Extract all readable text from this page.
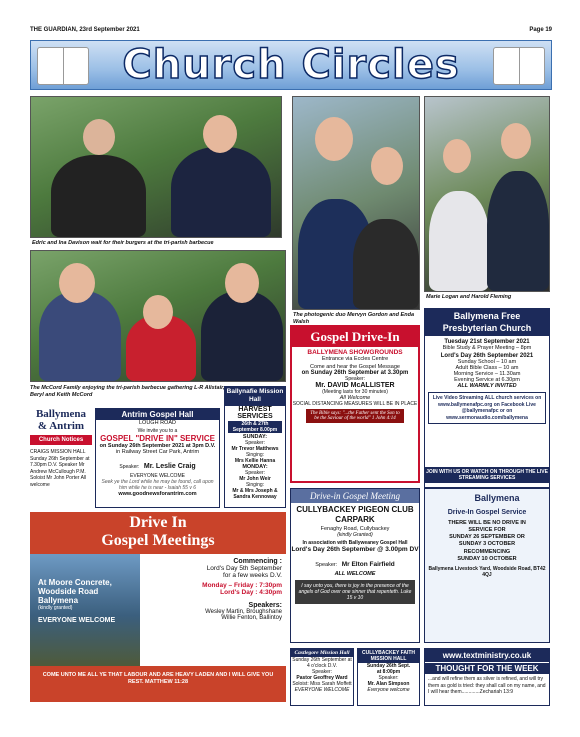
THE GUARDIAN, 23rd September 2021	Page 19
Church Circles
Edric and Ina Davison wait for their burgers at the tri-parish barbecue
The photogenic duo Mervyn Gordon and Enda Walsh
Marie Logan and Harold Fleming
The McCord Family enjoying the tri-parish barbecue gathering L-R Alistair, Beryl and Keith McCord
Ballymena & Antrim
Church Notices
CRAIGS MISSION HALL Sunday 26th September at 7.30pm D.V. Speaker Mr Andrew McCullough P.M. Soloist Mr John Porter All welcome
Antrim Gospel Hall
LOUGH ROAD
We invite you to a
GOSPEL "DRIVE IN" SERVICE
on Sunday 26th September 2021 at 3pm D.V.
in Railway Street Car Park, Antrim
Speaker: Mr. Leslie Craig
EVERYONE WELCOME
Seek ye the Lord while he may be found, call upon him while he is near - Isaiah 55 v 6
www.goodnewsforantrim.com
Ballynafie Mission Hall
HARVEST SERVICES
26th & 27th September 8.00pm
SUNDAY:
Speaker:
Mr Trevor Matthews
Singing:
Mrs Kellie Hanna
MONDAY:
Speaker:
Mr John Weir
Singing:
Mr & Mrs Joseph & Sandra Kennoway
Gospel Drive-In
BALLYMENA SHOWGROUNDS
Entrance via Eccles Centre
Come and hear the Gospel Message
on Sunday 26th September at 3.30pm
Speaker:
Mr. DAVID McALLISTER
(Meeting lasts for 30 minutes)
All Welcome
SOCIAL DISTANCING MEASURES WILL BE IN PLACE
The Bible says: "...the Father sent the Son to be the Saviour of the world" 1 John 4:14
Ballymena Free Presbyterian Church
Tuesday 21st September 2021
Bible Study & Prayer Meeting – 8pm
Lord's Day 26th September 2021
Sunday School – 10 am
Adult Bible Class – 10 am
Morning Service – 11.30am
Evening Service at 6.30pm
ALL WARMLY INVITED
Live Video Streaming ALL church services on www.ballymenafpc.org on Facebook Live @ballymenafpc or on www.sermonaudio.com/ballymena
JOIN WITH US OR WATCH ON THROUGH THE LIVE STREAMING SERVICES
Drive In
Gospel Meetings
At Moore Concrete,
Woodside Road
Ballymena
(kindly granted)
EVERYONE WELCOME
Commencing :
Lord's Day 5th September
for a few weeks D.V.
Monday – Friday : 7:30pm
Lord's Day : 4:30pm
Speakers:
Wesley Martin, Broughshane
Willie Fenton, Ballintoy
COME UNTO ME ALL YE THAT LABOUR AND ARE HEAVY LADEN AND I WILL GIVE YOU REST. MATTHEW 11:28
Drive-in Gospel Meeting
CULLYBACKEY PIGEON CLUB CARPARK
Fenaghy Road, Cullybackey
(kindly Granted)
In association with Ballyweaney Gospel Hall
Lord's Day 26th September @ 3.00pm DV
Speaker: Mr Elton Fairfield
ALL WELCOME
I say unto you, there is joy in the presence of the angels of God over one sinner that repenteth. Luke 15 v 10
Ballymena
Drive-In Gospel Service
THERE WILL BE NO DRIVE IN
SERVICE FOR
SUNDAY 26 SEPTEMBER OR
SUNDAY 3 OCTOBER
RECOMMENCING
SUNDAY 10 OCTOBER
Ballymena Livestock Yard, Woodside Road, BT42 4QJ
Castlegore Mission Hall
Sunday 26th September at 4 o'clock D.V.
Speaker:
Pastor Geoffrey Ward
Soloist: Miss Sarah Moffett
EVERYONE WELCOME
CULLYBACKEY FAITH MISSION HALL
Sunday 26th Sept.
at 8:00pm
Speaker:
Mr. Alan Simpson
Everyone welcome
www.textministry.co.uk
THOUGHT FOR THE WEEK
...and will refine them as silver is refined, and will try them as gold is tried: they shall call on my name, and I will hear them.............Zechariah 13:9
